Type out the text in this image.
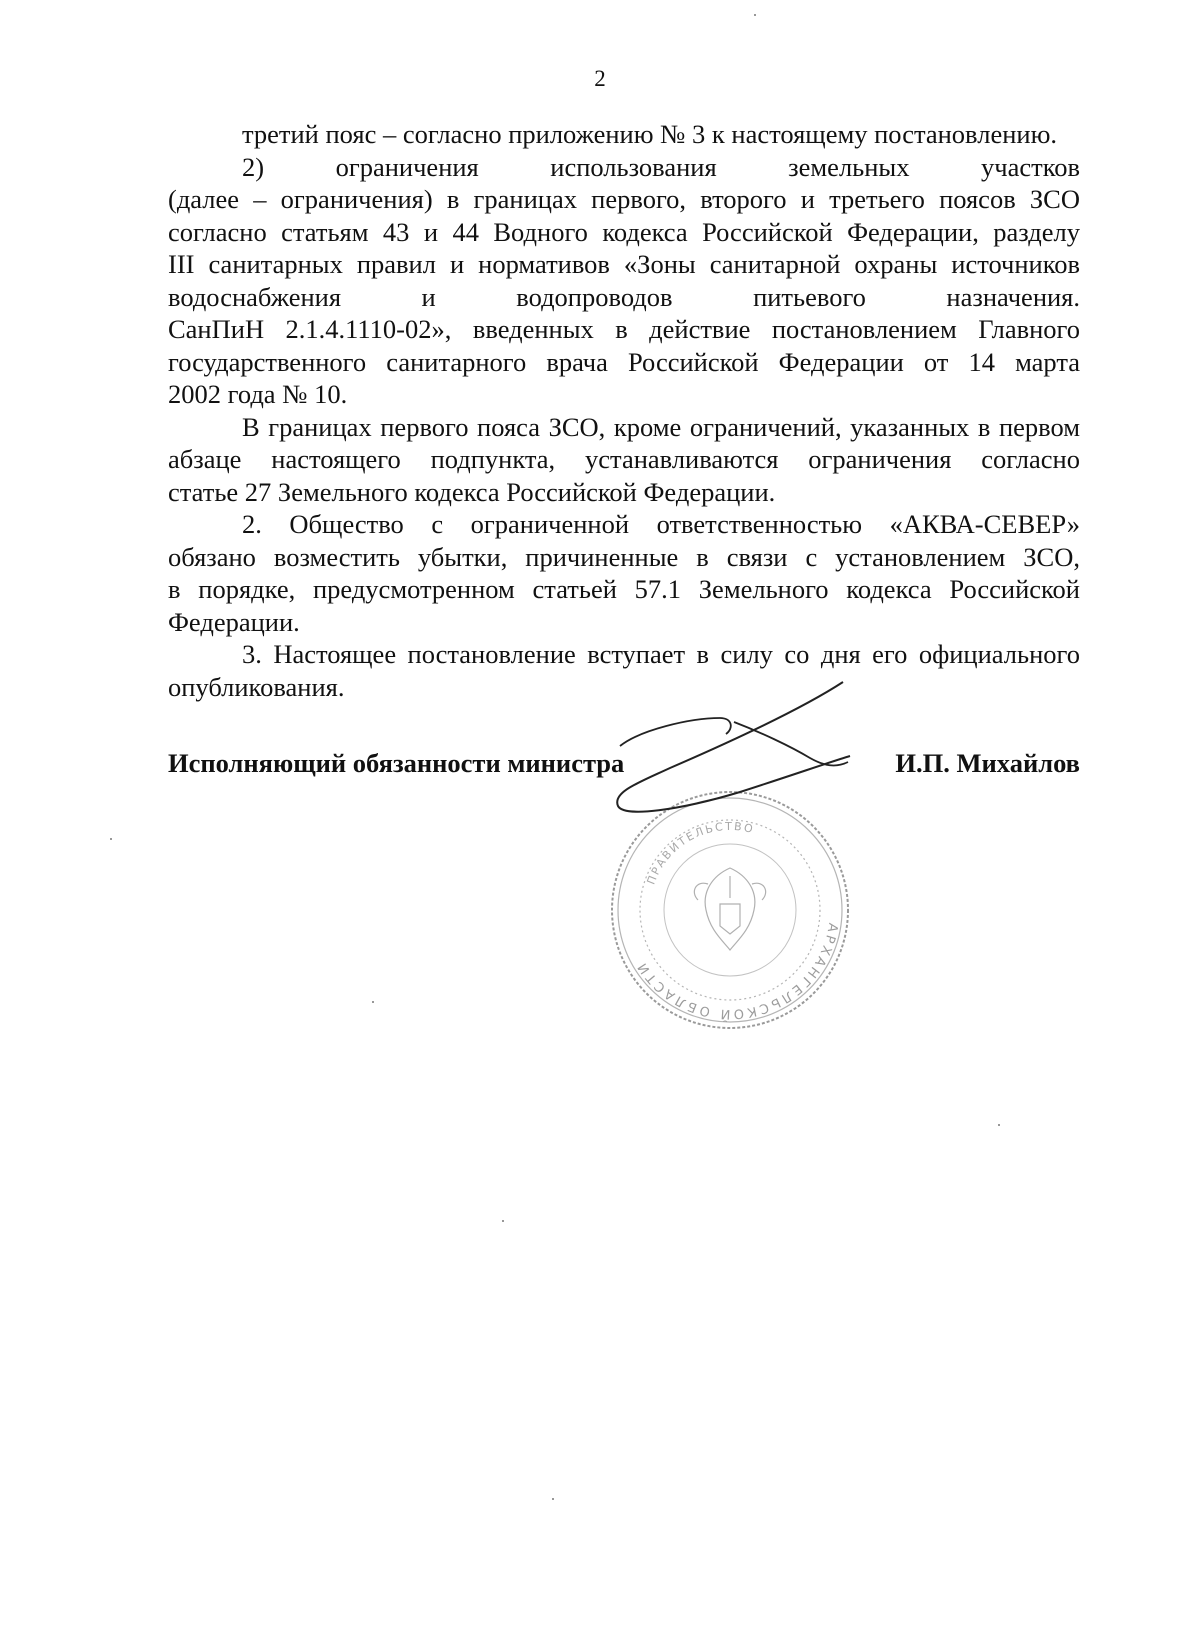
2
третий пояс – согласно приложению № 3 к настоящему постановлению.
2) ограничения использования земельных участков
(далее – ограничения) в границах первого, второго и третьего поясов ЗСО
согласно статьям 43 и 44 Водного кодекса Российской Федерации, разделу
III санитарных правил и нормативов «Зоны санитарной охраны источников
водоснабжения и водопроводов питьевого назначения.
СанПиН 2.1.4.1110-02», введенных в действие постановлением Главного
государственного санитарного врача Российской Федерации от 14 марта
2002 года № 10.
В границах первого пояса ЗСО, кроме ограничений, указанных в первом
абзаце настоящего подпункта, устанавливаются ограничения согласно
статье 27 Земельного кодекса Российской Федерации.
2. Общество с ограниченной ответственностью «АКВА-СЕВЕР»
обязано возместить убытки, причиненные в связи с установлением ЗСО,
в порядке, предусмотренном статьей 57.1 Земельного кодекса Российской
Федерации.
3. Настоящее постановление вступает в силу со дня его официального
опубликования.
Исполняющий обязанности министра	И.П. Михайлов
АРХАНГЕЛЬСКОЙ ОБЛАСТИ
ПРАВИТЕЛЬСТВО
